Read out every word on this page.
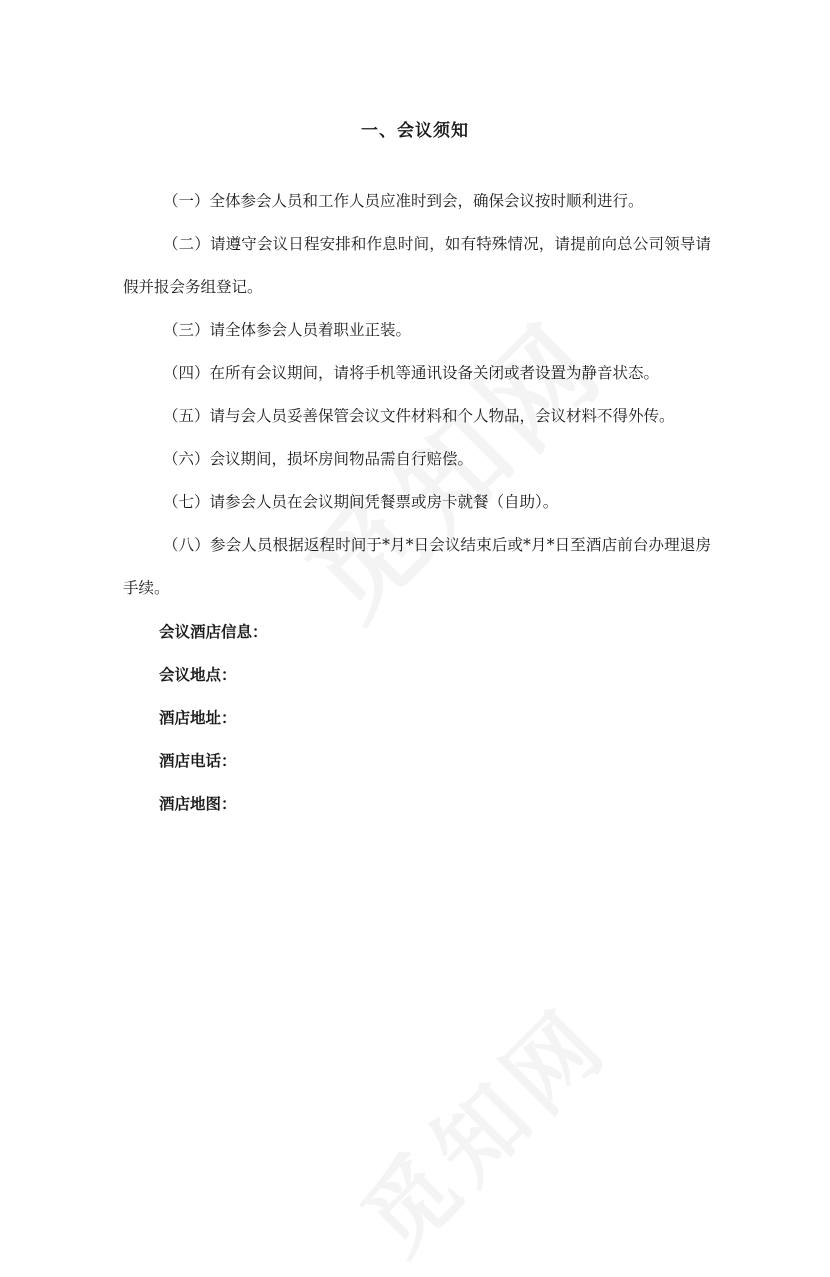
一、会议须知

（一）全体参会人员和工作人员应准时到会，确保会议按时顺利进行。

（二）请遵守会议日程安排和作息时间，如有特殊情况，请提前向总公司领导请假并报会务组登记。

（三）请全体参会人员着职业正装。

（四）在所有会议期间，请将手机等通讯设备关闭或者设置为静音状态。

（五）请与会人员妥善保管会议文件材料和个人物品，会议材料不得外传。

（六）会议期间，损坏房间物品需自行赔偿。

（七）请参会人员在会议期间凭餐票或房卡就餐（自助）。

（八）参会人员根据返程时间于*月*日会议结束后或*月*日至酒店前台办理退房手续。

会议酒店信息：

会议地点：

酒店地址：

酒店电话：

酒店地图：
